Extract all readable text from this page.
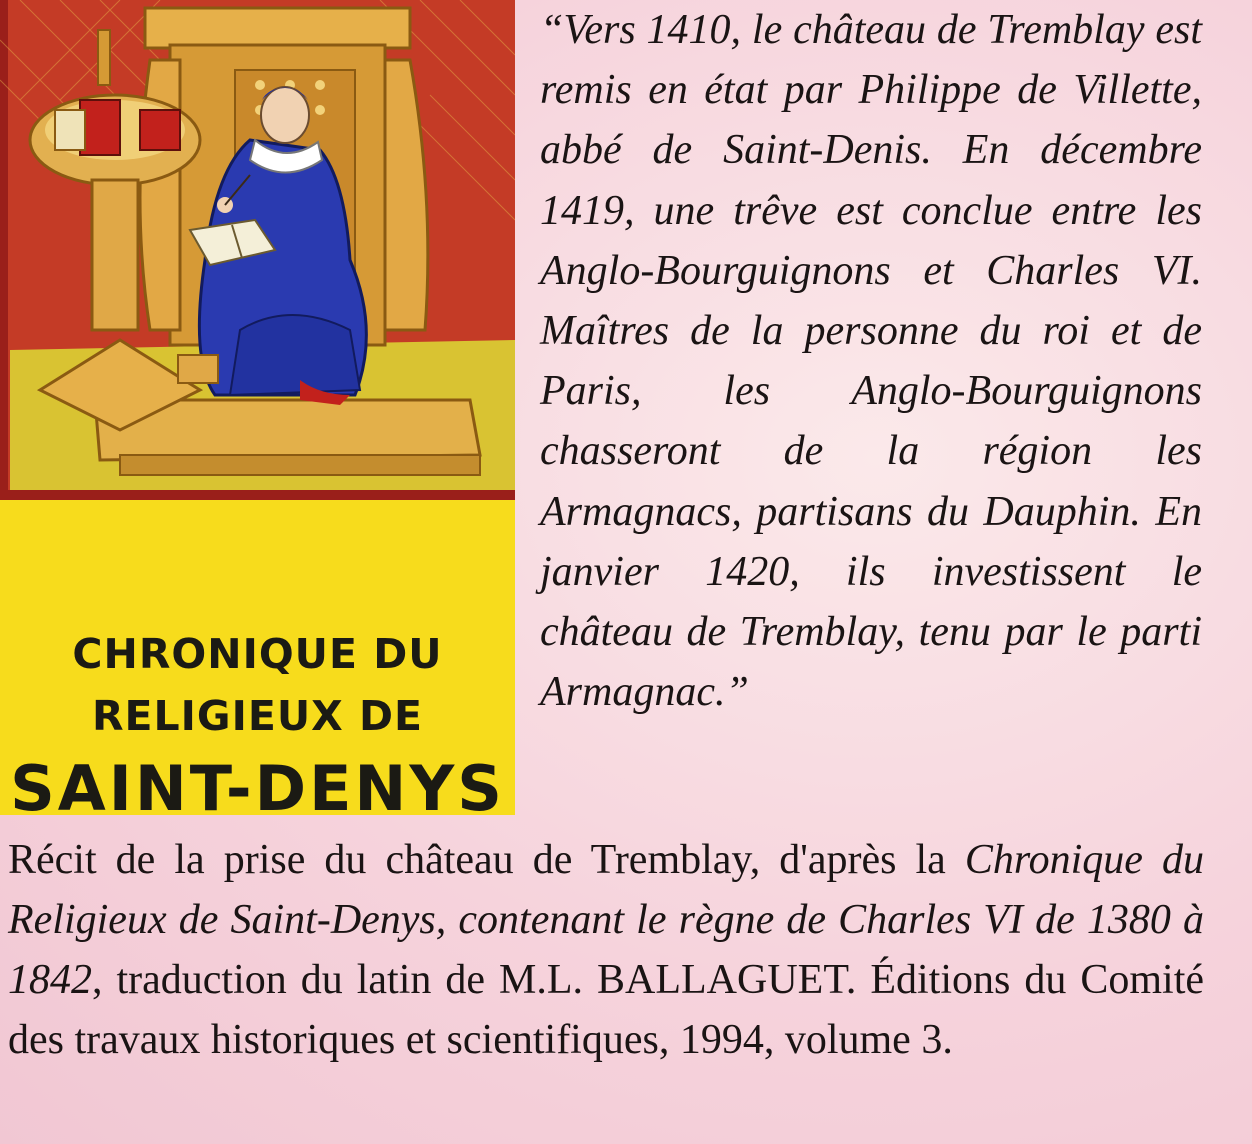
CHRONIQUE DU
RELIGIEUX DE
SAINT-DENYS
“Vers 1410, le château de Tremblay est remis en état par Philippe de Villette, abbé de Saint-Denis. En décembre 1419, une trêve est conclue entre les Anglo-Bourguignons et Charles VI. Maîtres de la personne du roi et de Paris, les Anglo-Bourguignons chasseront de la région les Armagnacs, partisans du Dauphin. En janvier 1420, ils investissent le château de Tremblay, tenu par le parti Armagnac.”
Récit de la prise du château de Tremblay, d'après la Chronique du Religieux de Saint-Denys, contenant le règne de Charles VI de 1380 à 1842, traduction du latin de M.L. BALLAGUET. Éditions du Comité des travaux historiques et scientifiques, 1994, volume 3.
